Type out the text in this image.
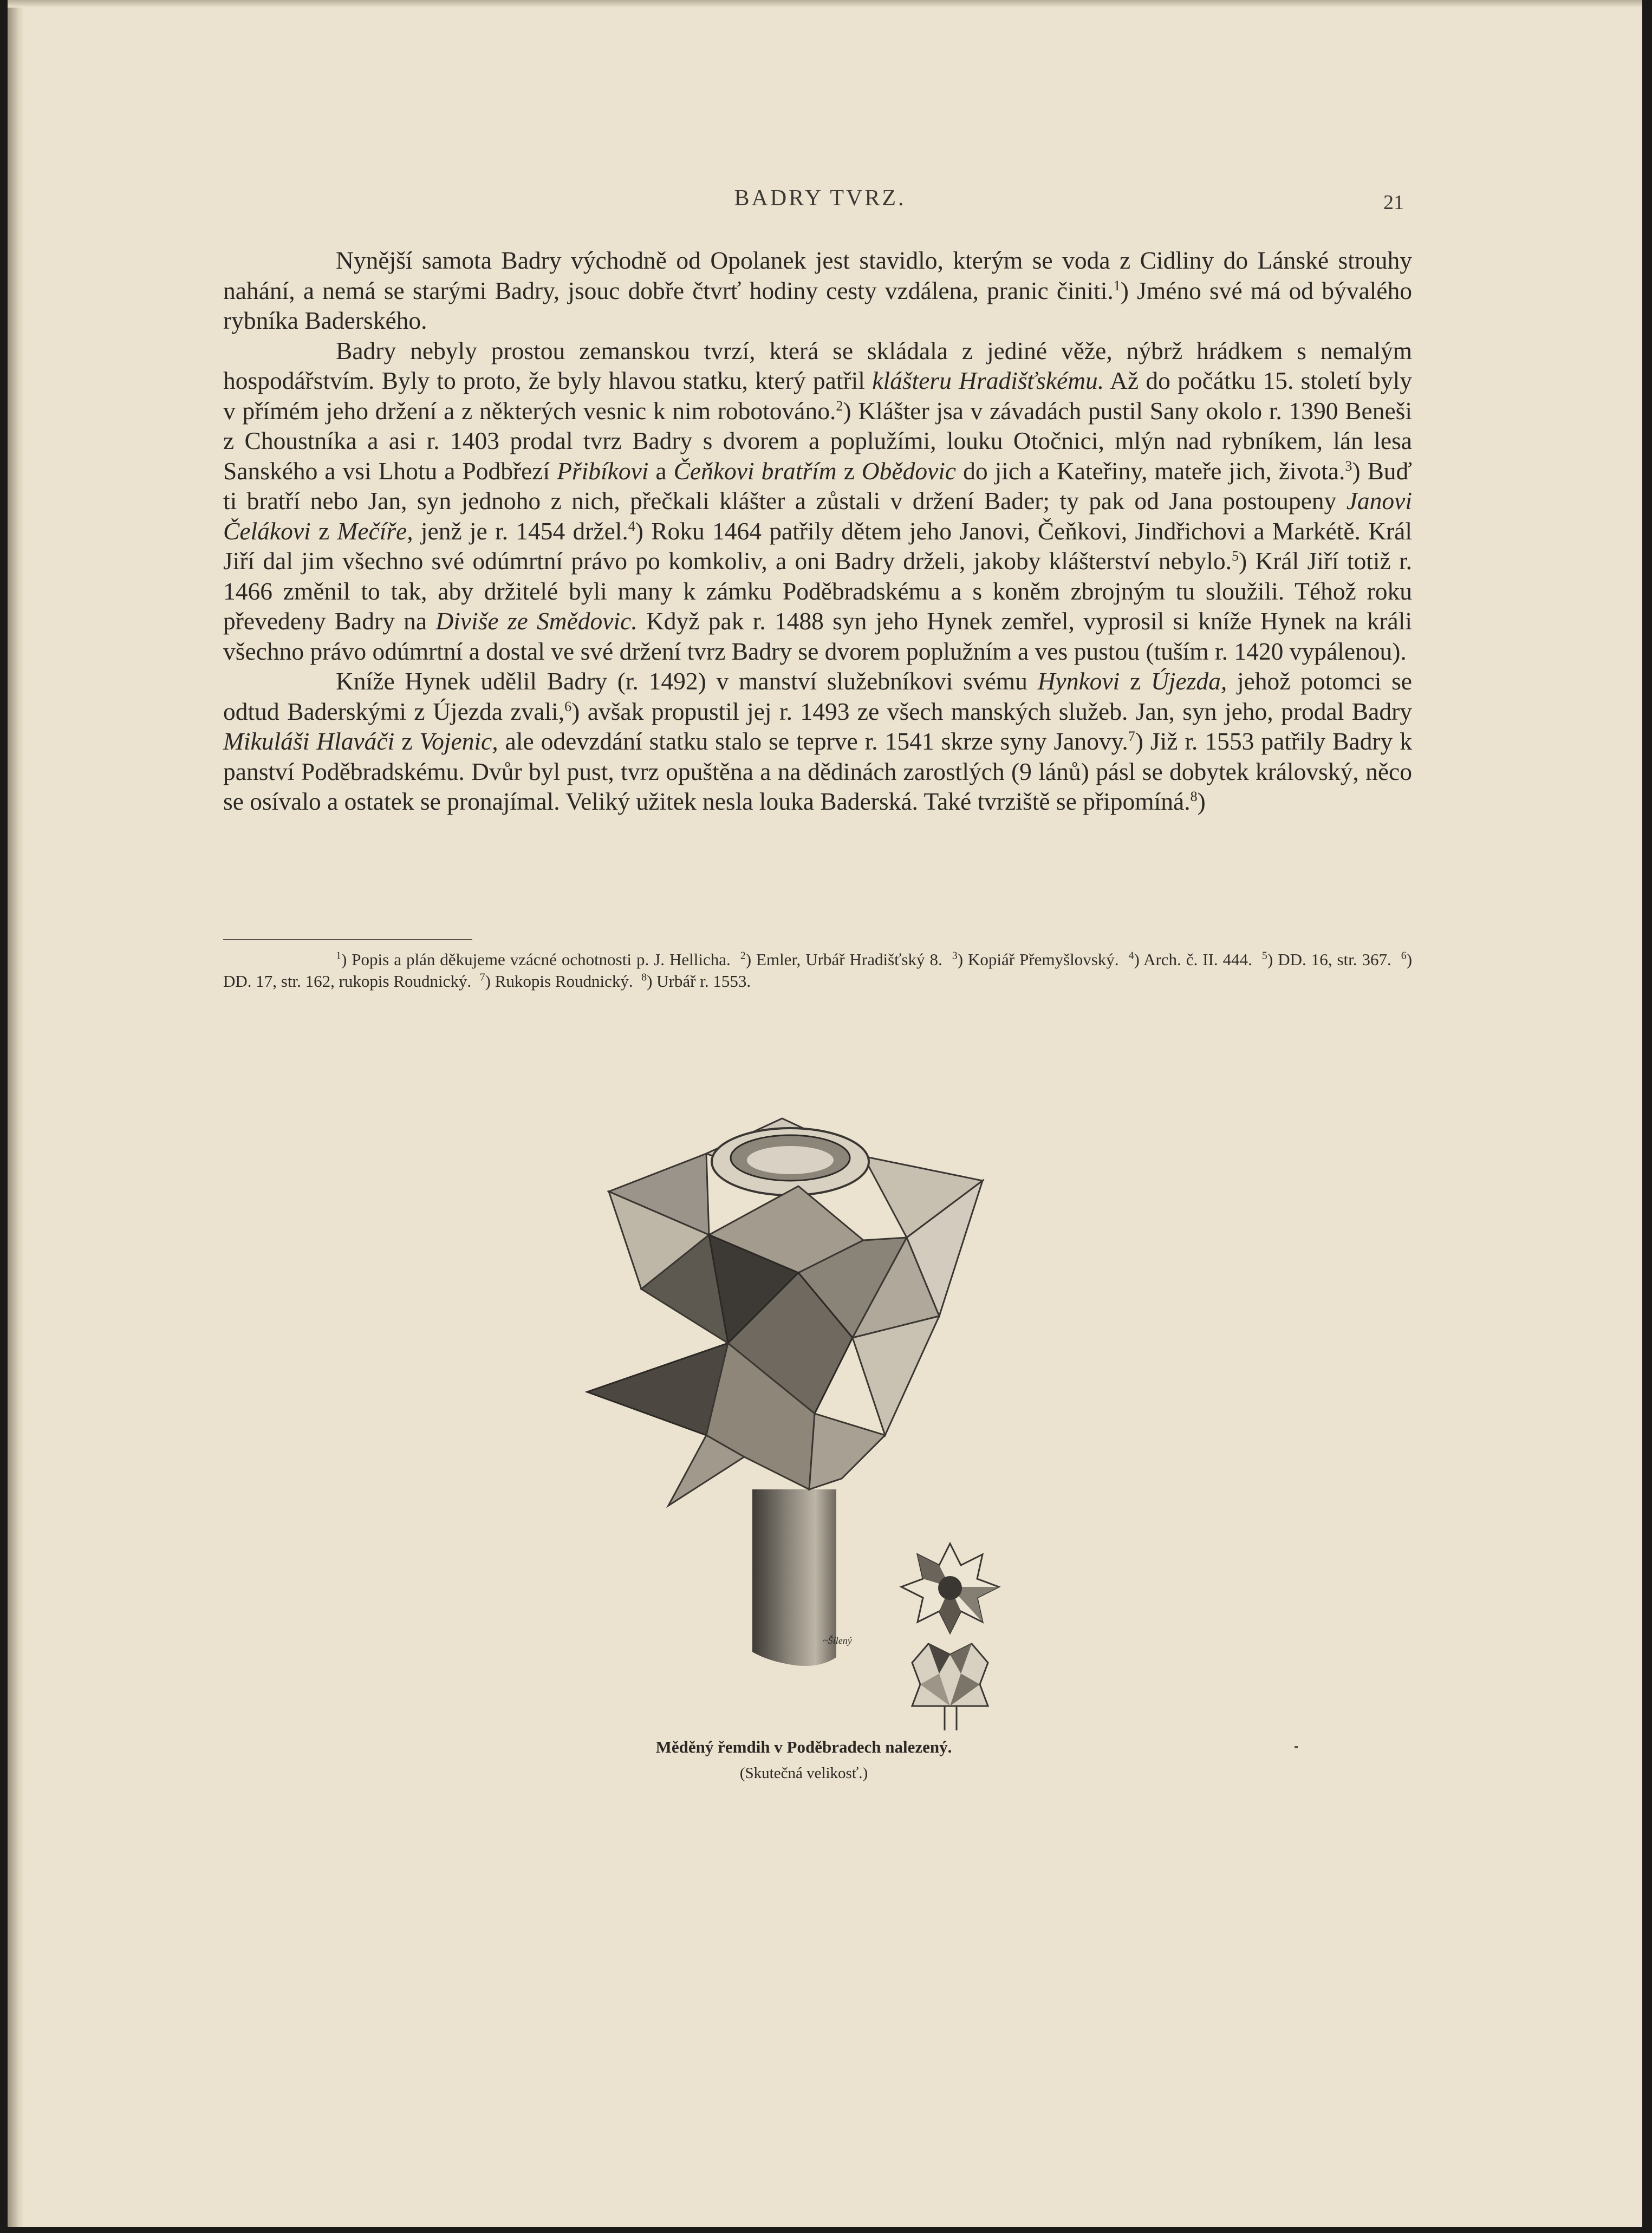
BADRY TVRZ.	21

Nynější samota Badry východně od Opolanek jest stavidlo, kterým se voda z Cidliny do Lánské strouhy nahání, a nemá se starými Badry, jsouc dobře čtvrť hodiny cesty vzdálena, pranic činiti.$^1$) Jméno své má od bývalého rybníka Baderského.

Badry nebyly prostou zemanskou tvrzí, která se skládala z jediné věže, nýbrž hrádkem s nemalým hospodářstvím. Byly to proto, že byly hlavou statku, který patřil klášteru Hradišťskému. Až do počátku 15. století byly v přímém jeho držení a z některých vesnic k nim robotováno.$^2$) Klášter jsa v závadách pustil Sany okolo r. 1390 Beneši z Choustníka a asi r. 1403 prodal tvrz Badry s dvorem a poplužími, louku Otočnici, mlýn nad rybníkem, lán lesa Sanského a vsi Lhotu a Podbřezí Přibíkovi a Čeňkovi bratřím z Obědovic do jich a Kateřiny, mateře jich, života.$^3$) Buď ti bratří nebo Jan, syn jednoho z nich, přečkali klášter a zůstali v držení Bader; ty pak od Jana postoupeny Janovi Čelákovi z Mečíře, jenž je r. 1454 držel.$^4$) Roku 1464 patřily dětem jeho Janovi, Čeňkovi, Jindřichovi a Markétě. Král Jiří dal jim všechno své odúmrtní právo po komkoliv, a oni Badry drželi, jakoby klášterství nebylo.$^5$) Král Jiří totiž r. 1466 změnil to tak, aby držitelé byli many k zámku Poděbradskému a s koněm zbrojným tu sloužili. Téhož roku převedeny Badry na Diviše ze Smědovic. Když pak r. 1488 syn jeho Hynek zemřel, vyprosil si kníže Hynek na králi všechno právo odúmrtní a dostal ve své držení tvrz Badry se dvorem poplužním a ves pustou (tuším r. 1420 vypálenou).

Kníže Hynek udělil Badry (r. 1492) v manství služebníkovi svému Hynkovi z Újezda, jehož potomci se odtud Baderskými z Újezda zvali,$^6$) avšak propustil jej r. 1493 ze všech manských služeb. Jan, syn jeho, prodal Badry Mikuláši Hlaváči z Vojenic, ale odevzdání statku stalo se teprve r. 1541 skrze syny Janovy.$^7$) Již r. 1553 patřily Badry k panství Poděbradskému. Dvůr byl pust, tvrz opuštěna a na dědinách zarostlých (9 lánů) pásl se dobytek královský, něco se osívalo a ostatek se pronajímal. Veliký užitek nesla louka Baderská. Také tvrziště se připomíná.$^8$)

$^1$) Popis a plán děkujeme vzácné ochotnosti p. J. Hellicha. $^2$) Emler, Urbář Hradišťský 8. $^3$) Kopiář Přemyšlovský. $^4$) Arch. č. II. 444. $^5$) DD. 16, str. 367. $^6$) DD. 17, str. 162, rukopis Roudnický. $^7$) Rukopis Roudnický. $^8$) Urbář r. 1553.

~Šílený
Měděný řemdih v Poděbradech nalezený.
(Skutečná velikosť.)
